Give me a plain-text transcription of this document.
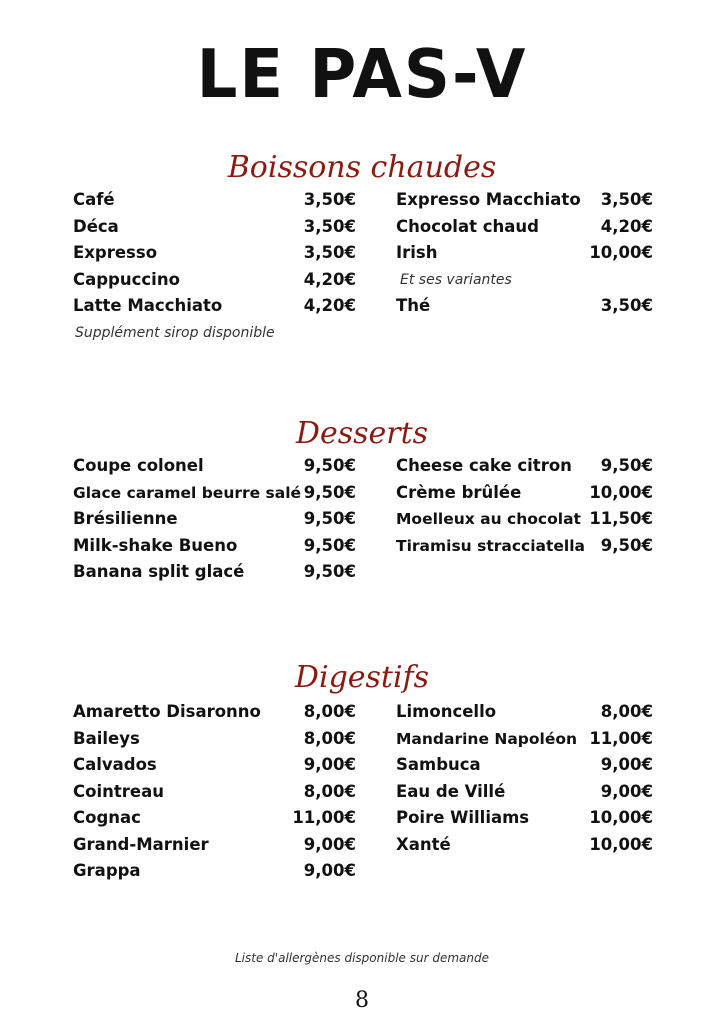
LE PAS-V
Boissons chaudes
Café	3,50€
Déca	3,50€
Expresso	3,50€
Cappuccino	4,20€
Latte Macchiato	4,20€
Supplément sirop disponible
Expresso Macchiato 3,50€
Chocolat chaud	4,20€
Irish	10,00€
Et ses variantes
Thé	3,50€
Desserts
Coupe colonel	9,50€
Glace caramel beurre salé 9,50€
Brésilienne	9,50€
Milk-shake Bueno	9,50€
Banana split glacé	9,50€
Cheese cake citron 9,50€
Crème brûlée	10,00€
Moelleux au chocolat 11,50€
Tiramisu stracciatella 9,50€
Digestifs
Amaretto Disaronno	8,00€
Baileys	8,00€
Calvados	9,00€
Cointreau	8,00€
Cognac	11,00€
Grand-Marnier	9,00€
Grappa	9,00€
Limoncello	8,00€
Mandarine Napoléon 11,00€
Sambuca	9,00€
Eau de Villé	9,00€
Poire Williams	10,00€
Xanté	10,00€
Liste d'allergènes disponible sur demande
8
